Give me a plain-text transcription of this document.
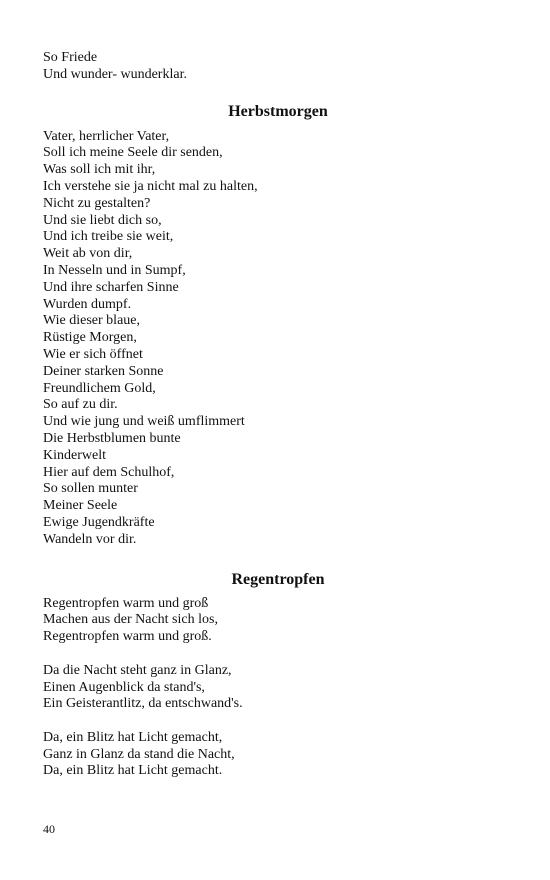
So Friede
Und wunder- wunderklar.
Herbstmorgen
Vater, herrlicher Vater,
Soll ich meine Seele dir senden,
Was soll ich mit ihr,
Ich verstehe sie ja nicht mal zu halten,
Nicht zu gestalten?
Und sie liebt dich so,
Und ich treibe sie weit,
Weit ab von dir,
In Nesseln und in Sumpf,
Und ihre scharfen Sinne
Wurden dumpf.
Wie dieser blaue,
Rüstige Morgen,
Wie er sich öffnet
Deiner starken Sonne
Freundlichem Gold,
So auf zu dir.
Und wie jung und weiß umflimmert
Die Herbstblumen bunte
Kinderwelt
Hier auf dem Schulhof,
So sollen munter
Meiner Seele
Ewige Jugendkräfte
Wandeln vor dir.
Regentropfen
Regentropfen warm und groß
Machen aus der Nacht sich los,
Regentropfen warm und groß.
Da die Nacht steht ganz in Glanz,
Einen Augenblick da stand's,
Ein Geisterantlitz, da entschwand's.
Da, ein Blitz hat Licht gemacht,
Ganz in Glanz da stand die Nacht,
Da, ein Blitz hat Licht gemacht.
40
